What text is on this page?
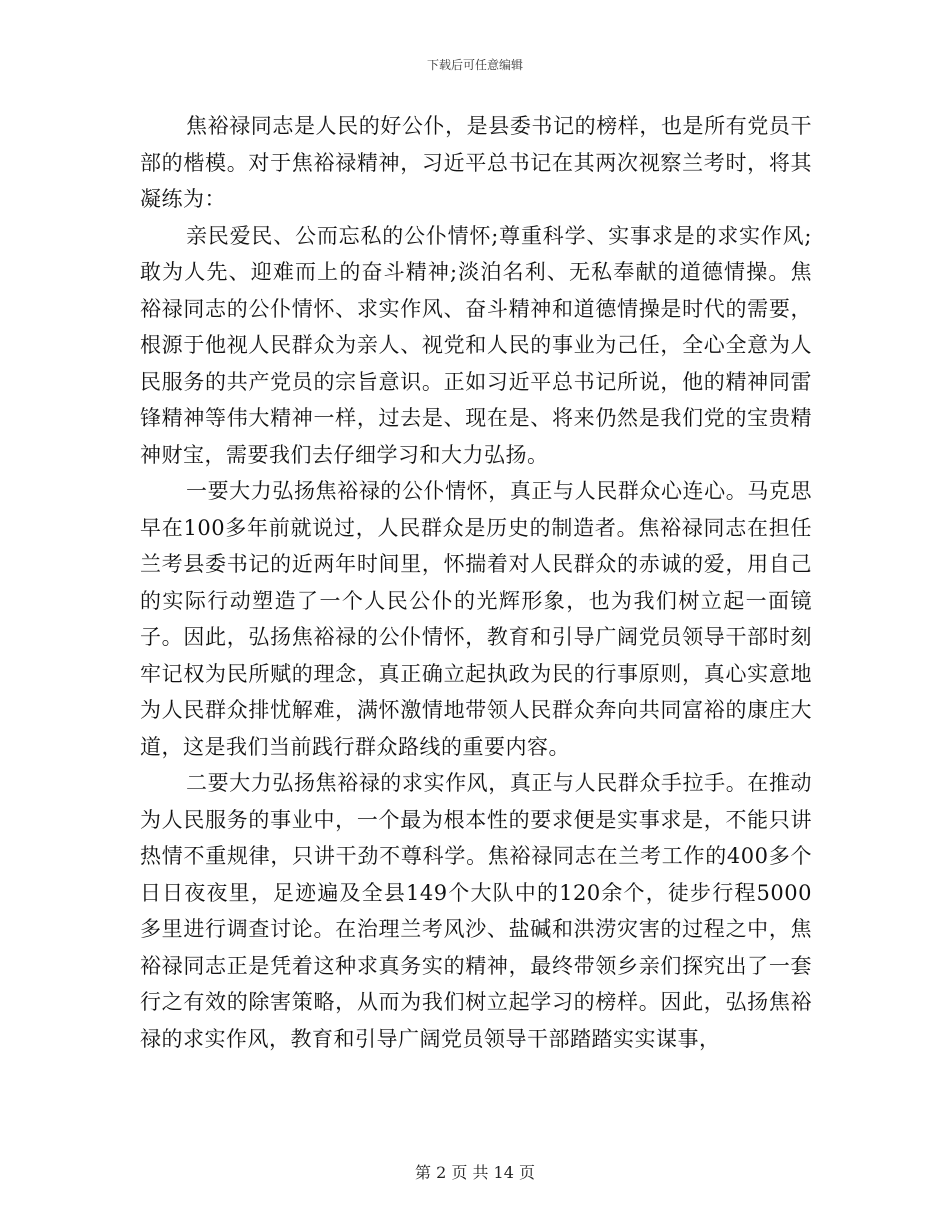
下载后可任意编辑

焦裕禄同志是人民的好公仆，是县委书记的榜样，也是所有党员干部的楷模。对于焦裕禄精神，习近平总书记在其两次视察兰考时，将其凝练为：

亲民爱民、公而忘私的公仆情怀;尊重科学、实事求是的求实作风;敢为人先、迎难而上的奋斗精神;淡泊名利、无私奉献的道德情操。焦裕禄同志的公仆情怀、求实作风、奋斗精神和道德情操是时代的需要，根源于他视人民群众为亲人、视党和人民的事业为己任，全心全意为人民服务的共产党员的宗旨意识。正如习近平总书记所说，他的精神同雷锋精神等伟大精神一样，过去是、现在是、将来仍然是我们党的宝贵精神财宝，需要我们去仔细学习和大力弘扬。

一要大力弘扬焦裕禄的公仆情怀，真正与人民群众心连心。马克思早在100多年前就说过，人民群众是历史的制造者。焦裕禄同志在担任兰考县委书记的近两年时间里，怀揣着对人民群众的赤诚的爱，用自己的实际行动塑造了一个人民公仆的光辉形象，也为我们树立起一面镜子。因此，弘扬焦裕禄的公仆情怀，教育和引导广阔党员领导干部时刻牢记权为民所赋的理念，真正确立起执政为民的行事原则，真心实意地为人民群众排忧解难，满怀激情地带领人民群众奔向共同富裕的康庄大道，这是我们当前践行群众路线的重要内容。

二要大力弘扬焦裕禄的求实作风，真正与人民群众手拉手。在推动为人民服务的事业中，一个最为根本性的要求便是实事求是，不能只讲热情不重规律，只讲干劲不尊科学。焦裕禄同志在兰考工作的400多个日日夜夜里，足迹遍及全县149个大队中的120余个，徒步行程5000多里进行调查讨论。在治理兰考风沙、盐碱和洪涝灾害的过程之中，焦裕禄同志正是凭着这种求真务实的精神，最终带领乡亲们探究出了一套行之有效的除害策略，从而为我们树立起学习的榜样。因此，弘扬焦裕禄的求实作风，教育和引导广阔党员领导干部踏踏实实谋事，

第 2 页 共 14 页
